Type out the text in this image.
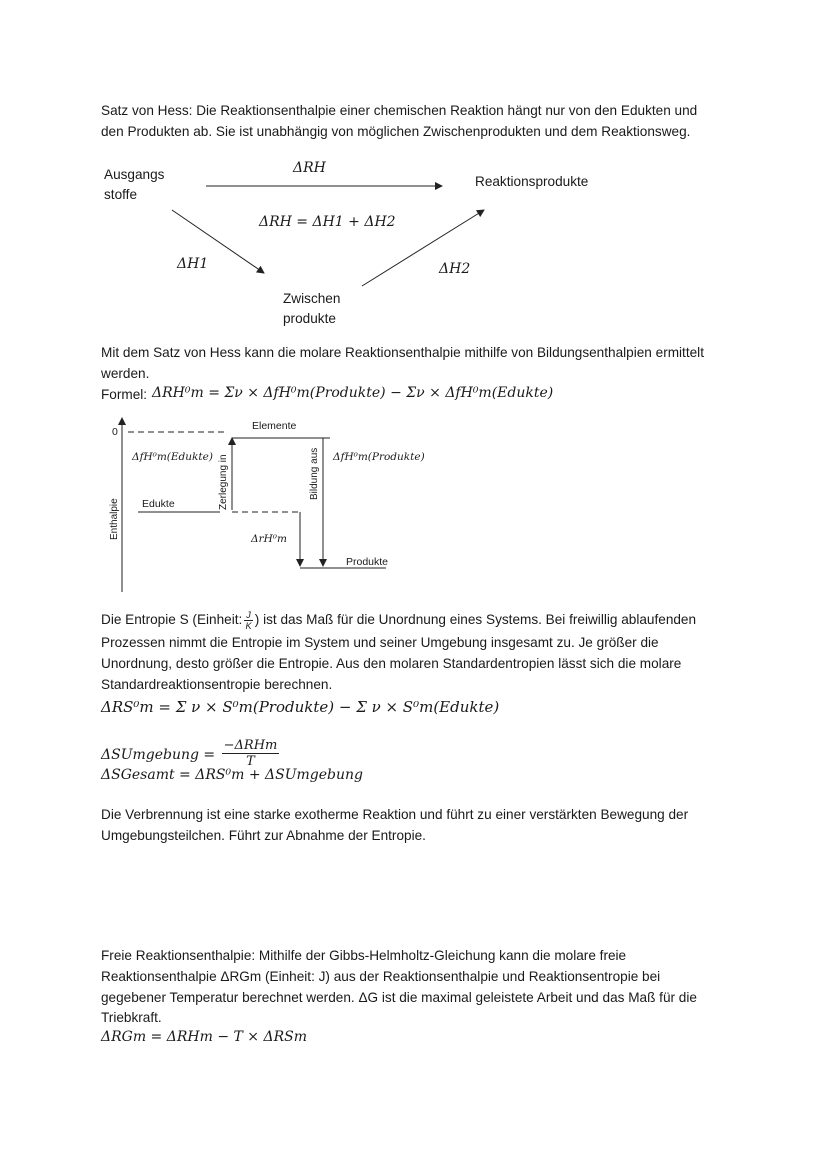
Satz von Hess: Die Reaktionsenthalpie einer chemischen Reaktion hängt nur von den Edukten und
den Produkten ab. Sie ist unabhängig von möglichen Zwischenprodukten und dem Reaktionsweg.
Ausgangs
stoffe
ΔRH
Reaktionsprodukte
ΔRH = ΔH1 + ΔH2
ΔH1	ΔH2
Zwischen
produkte
Mit dem Satz von Hess kann die molare Reaktionsenthalpie mithilfe von Bildungsenthalpien ermittelt
werden.
Formel: ΔRH⁰m = Σν × ΔfH⁰m(Produkte) − Σν × ΔfH⁰m(Edukte)
0
Enthalpie
Elemente
ΔfH⁰m(Edukte)	ΔfH⁰m(Produkte)
Zerlegung in	Bildung aus
Edukte
ΔrH⁰m
Produkte
Die Entropie S (Einheit: $\frac{J}{K}$ ) ist das Maß für die Unordnung eines Systems. Bei freiwillig ablaufenden
Prozessen nimmt die Entropie im System und seiner Umgebung insgesamt zu. Je größer die
Unordnung, desto größer die Entropie. Aus den molaren Standardentropien lässt sich die molare
Standardreaktionsentropie berechnen.
ΔRS⁰m = Σ ν × S⁰m(Produkte) − Σ ν × S⁰m(Edukte)
ΔSUmgebung = $\frac{\text{−ΔRHm}}{T}$
ΔSGesamt = ΔRS⁰m + ΔSUmgebung
Die Verbrennung ist eine starke exotherme Reaktion und führt zu einer verstärkten Bewegung der
Umgebungsteilchen. Führt zur Abnahme der Entropie.
Freie Reaktionsenthalpie: Mithilfe der Gibbs-Helmholtz-Gleichung kann die molare freie
Reaktionsenthalpie ΔRGm (Einheit: J) aus der Reaktionsenthalpie und Reaktionsentropie bei
gegebener Temperatur berechnet werden. ΔG ist die maximal geleistete Arbeit und das Maß für die
Triebkraft.
ΔRGm = ΔRHm − T × ΔRSm
